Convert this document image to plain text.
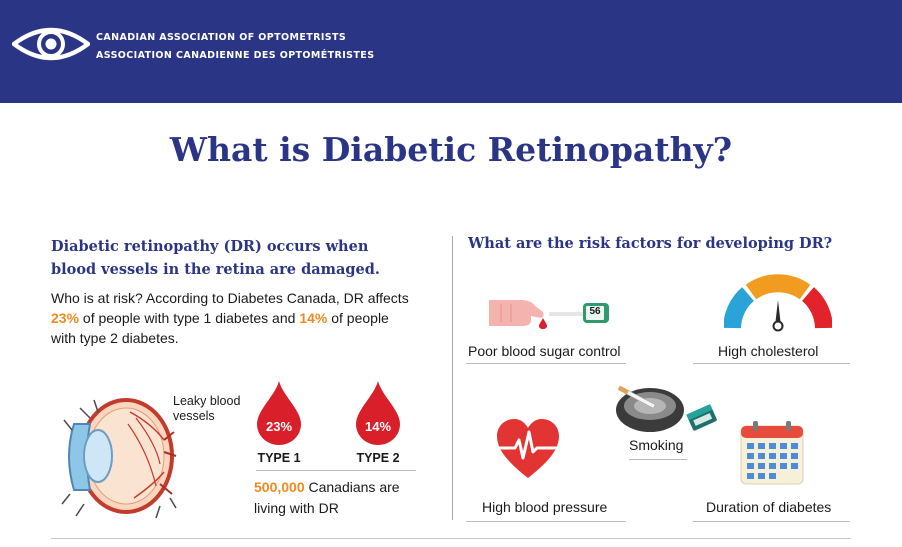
CANADIAN ASSOCIATION OF OPTOMETRISTS
ASSOCIATION CANADIENNE DES OPTOMÉTRISTES
What is Diabetic Retinopathy?
Diabetic retinopathy (DR) occurs when blood vessels in the retina are damaged.
Who is at risk? According to Diabetes Canada, DR affects 23% of people with type 1 diabetes and 14% of people with type 2 diabetes.
Leaky blood vessels
23%	14%
TYPE 1	TYPE 2
500,000 Canadians are living with DR
What are the risk factors for developing DR?
56
Poor blood sugar control	High cholesterol
Smoking
High blood pressure	Duration of diabetes
